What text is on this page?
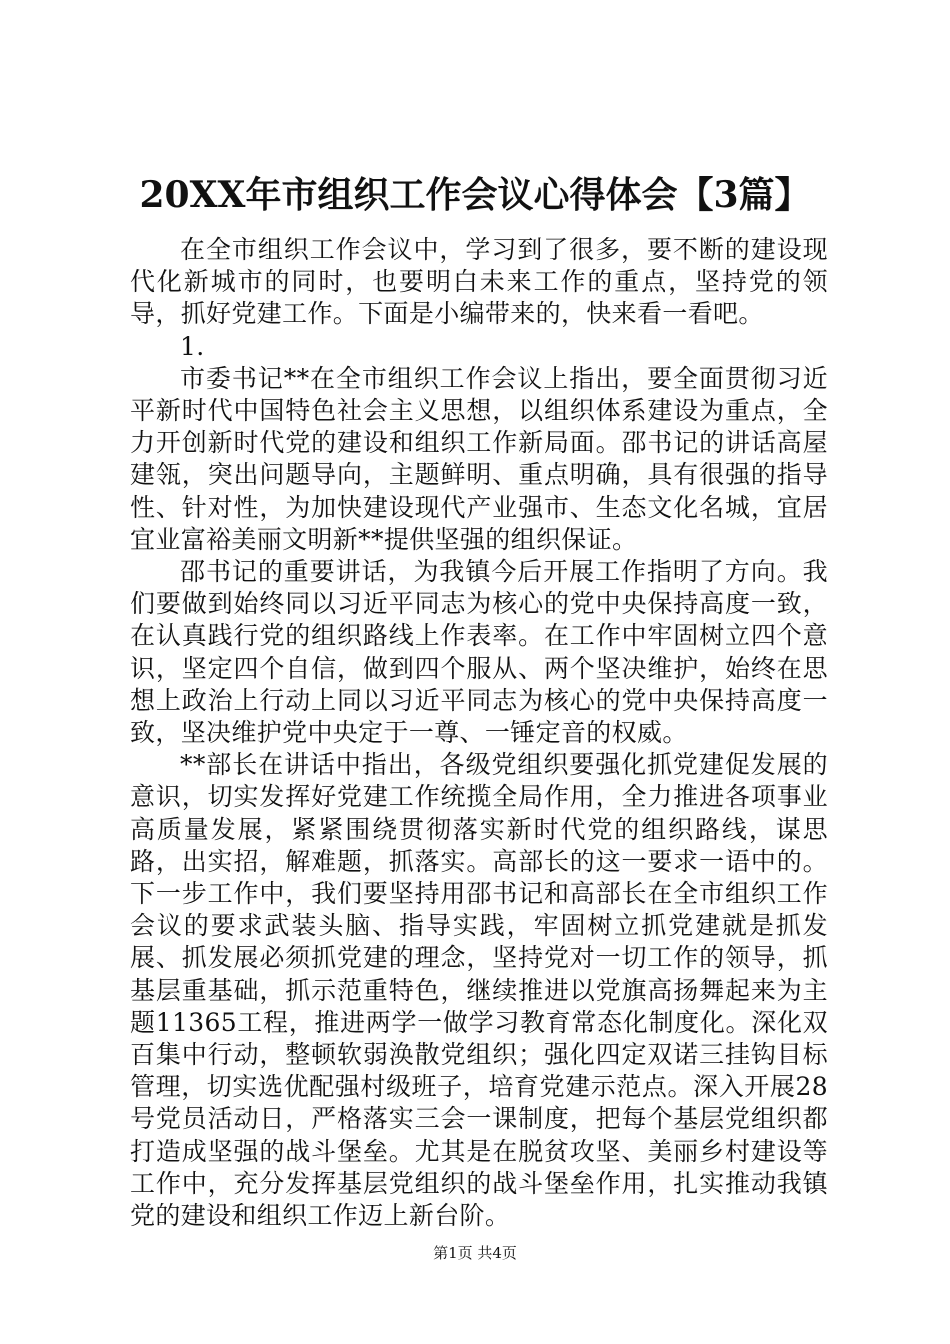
20XX年市组织工作会议心得体会【3篇】

在全市组织工作会议中，学习到了很多，要不断的建设现代化新城市的同时，也要明白未来工作的重点，坚持党的领导，抓好党建工作。下面是小编带来的，快来看一看吧。

1.

市委书记**在全市组织工作会议上指出，要全面贯彻习近平新时代中国特色社会主义思想，以组织体系建设为重点，全力开创新时代党的建设和组织工作新局面。邵书记的讲话高屋建瓴，突出问题导向，主题鲜明、重点明确，具有很强的指导性、针对性，为加快建设现代产业强市、生态文化名城，宜居宜业富裕美丽文明新**提供坚强的组织保证。

邵书记的重要讲话，为我镇今后开展工作指明了方向。我们要做到始终同以习近平同志为核心的党中央保持高度一致，在认真践行党的组织路线上作表率。在工作中牢固树立四个意识，坚定四个自信，做到四个服从、两个坚决维护，始终在思想上政治上行动上同以习近平同志为核心的党中央保持高度一致，坚决维护党中央定于一尊、一锤定音的权威。

**部长在讲话中指出，各级党组织要强化抓党建促发展的意识，切实发挥好党建工作统揽全局作用，全力推进各项事业高质量发展，紧紧围绕贯彻落实新时代党的组织路线，谋思路，出实招，解难题，抓落实。高部长的这一要求一语中的。下一步工作中，我们要坚持用邵书记和高部长在全市组织工作会议的要求武装头脑、指导实践，牢固树立抓党建就是抓发展、抓发展必须抓党建的理念，坚持党对一切工作的领导，抓基层重基础，抓示范重特色，继续推进以党旗高扬舞起来为主题11365工程，推进两学一做学习教育常态化制度化。深化双百集中行动，整顿软弱涣散党组织；强化四定双诺三挂钩目标管理，切实选优配强村级班子，培育党建示范点。深入开展28号党员活动日，严格落实三会一课制度，把每个基层党组织都打造成坚强的战斗堡垒。尤其是在脱贫攻坚、美丽乡村建设等工作中，充分发挥基层党组织的战斗堡垒作用，扎实推动我镇党的建设和组织工作迈上新台阶。

第1页 共4页
